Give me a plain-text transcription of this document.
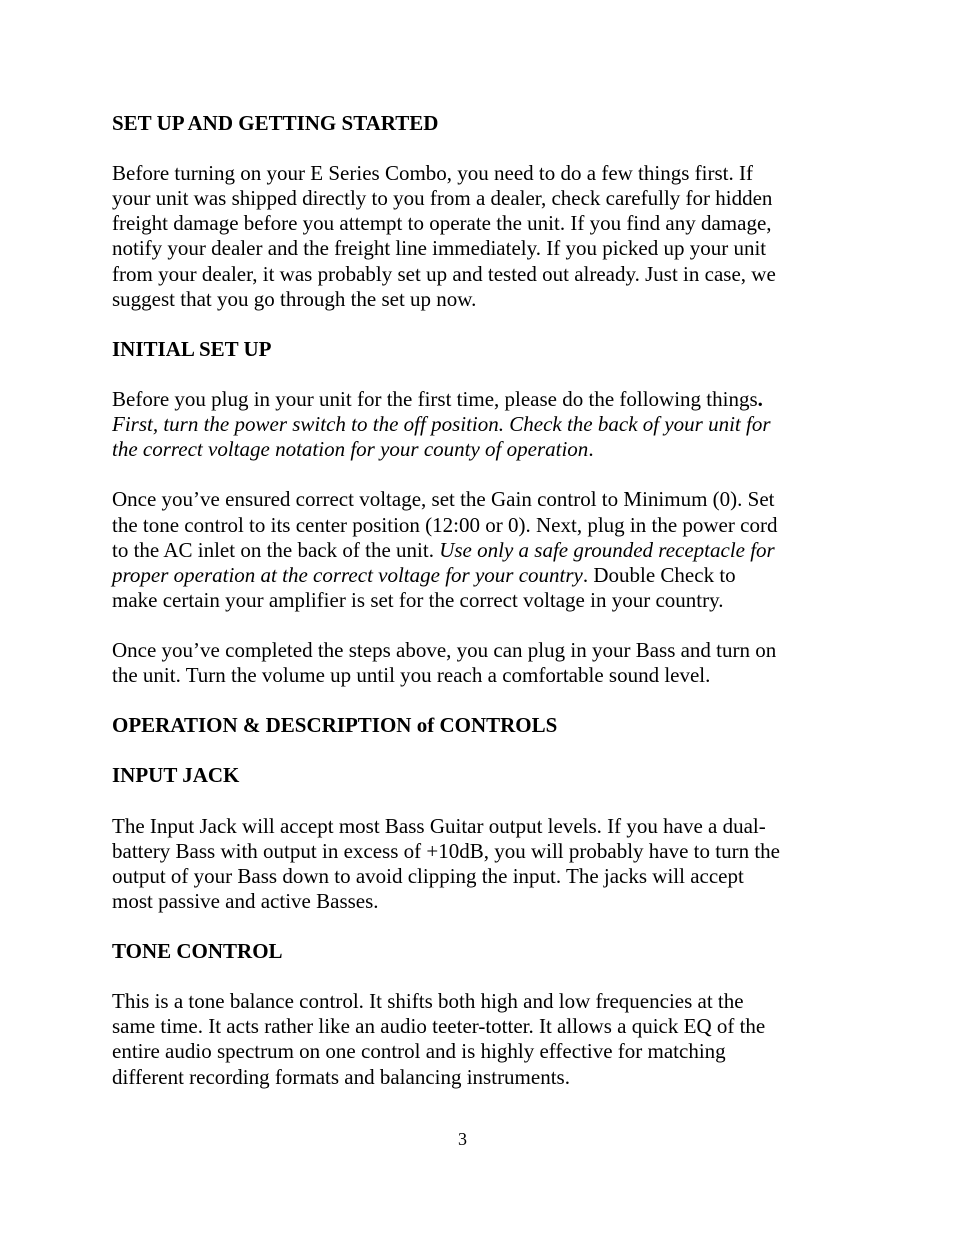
SET UP AND GETTING STARTED

Before turning on your E Series Combo, you need to do a few things first. If
your unit was shipped directly to you from a dealer, check carefully for hidden
freight damage before you attempt to operate the unit. If you find any damage,
notify your dealer and the freight line immediately. If you picked up your unit
from your dealer, it was probably set up and tested out already. Just in case, we
suggest that you go through the set up now.

INITIAL SET UP

Before you plug in your unit for the first time, please do the following things.
First, turn the power switch to the off position. Check the back of your unit for
the correct voltage notation for your county of operation.

Once you’ve ensured correct voltage, set the Gain control to Minimum (0). Set
the tone control to its center position (12:00 or 0). Next, plug in the power cord
to the AC inlet on the back of the unit. Use only a safe grounded receptacle for
proper operation at the correct voltage for your country. Double Check to
make certain your amplifier is set for the correct voltage in your country.

Once you’ve completed the steps above, you can plug in your Bass and turn on
the unit. Turn the volume up until you reach a comfortable sound level.

OPERATION & DESCRIPTION of CONTROLS
INPUT JACK

The Input Jack will accept most Bass Guitar output levels. If you have a dual-
battery Bass with output in excess of +10dB, you will probably have to turn the
output of your Bass down to avoid clipping the input. The jacks will accept
most passive and active Basses.

TONE CONTROL

This is a tone balance control. It shifts both high and low frequencies at the
same time. It acts rather like an audio teeter-totter. It allows a quick EQ of the
entire audio spectrum on one control and is highly effective for matching
different recording formats and balancing instruments.

3
